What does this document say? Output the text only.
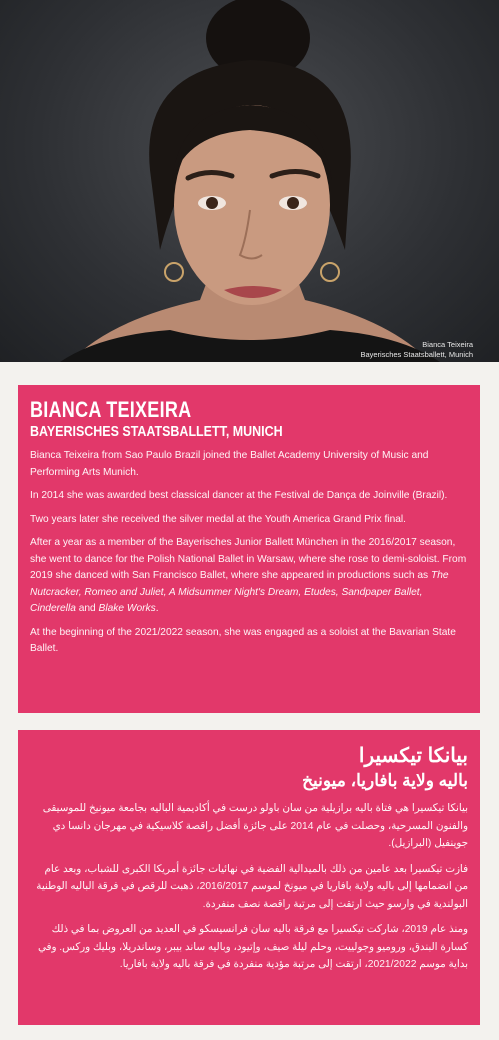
Bianca Teixeira
Bayerisches Staatsballett, Munich
BIANCA TEIXEIRA
BAYERISCHES STAATSBALLETT, MUNICH
Bianca Teixeira from Sao Paulo Brazil joined the Ballet Academy University of Music and Performing Arts Munich.
In 2014 she was awarded best classical dancer at the Festival de Dança de Joinville (Brazil).
Two years later she received the silver medal at the Youth America Grand Prix final.
After a year as a member of the Bayerisches Junior Ballett München in the 2016/2017 season, she went to dance for the Polish National Ballet in Warsaw, where she rose to demi-soloist. From 2019 she danced with San Francisco Ballet, where she appeared in productions such as The Nutcracker, Romeo and Juliet, A Midsummer Night's Dream, Etudes, Sandpaper Ballet, Cinderella and Blake Works.
At the beginning of the 2021/2022 season, she was engaged as a soloist at the Bavarian State Ballet.
بيانكا تيكسيرا
باليه ولاية بافاريا، ميونيخ
بيانكا تيكسيرا هي فتاة باليه برازيلية من سان باولو درست في أكاديمية الباليه بجامعة ميونيخ للموسيقى والفنون المسرحية، وحصلت في عام 2014 على جائزة أفضل راقصة كلاسيكية في مهرجان دانسا دي جوينفيل (البرازيل).
فازت تيكسيرا بعد عامين من ذلك بالميدالية الفضية في نهائيات جائزة أمريكا الكبرى للشباب، وبعد عام من انضمامها إلى باليه ولاية بافاريا في ميونخ لموسم 2016/2017، ذهبت للرقص في فرقة الباليه الوطنية البولندية في وارسو حيث ارتقت إلى مرتبة راقصة نصف منفردة.
ومنذ عام 2019، شاركت تيكسيرا مع فرقة باليه سان فرانسيسكو في العديد من العروض بما في ذلك كسارة البندق، وروميو وجولييت، وحلم ليلة صيف، وإتيود، وباليه ساند بيبر، وساندريلا، وبليك وركس. وفي بداية موسم 2021/2022، ارتقت إلى مرتبة مؤدية منفردة في فرقة باليه ولاية بافاريا.
